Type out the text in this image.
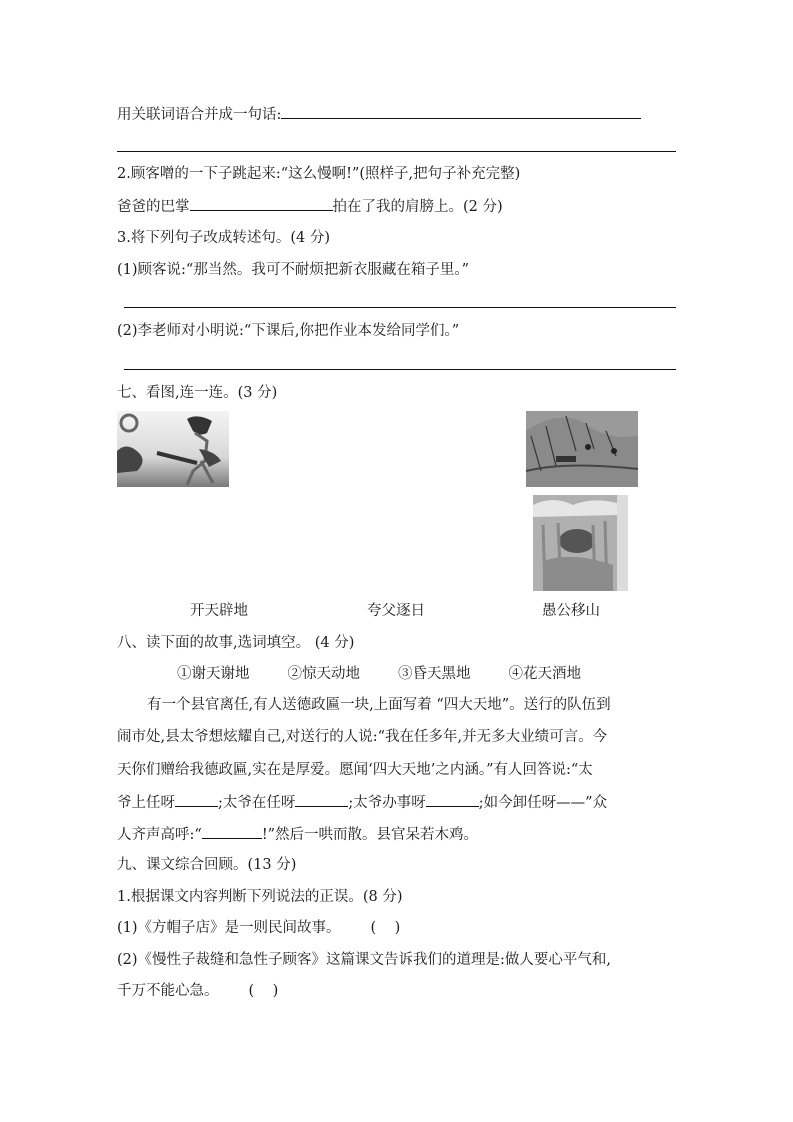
用关联词语合并成一句话:
2.顾客噌的一下子跳起来:“这么慢啊!”(照样子,把句子补充完整)
爸爸的巴掌	拍在了我的肩膀上。(2 分)
3.将下列句子改成转述句。(4 分)
(1)顾客说:“那当然。我可不耐烦把新衣服藏在箱子里。”
(2)李老师对小明说:“下课后,你把作业本发给同学们。”
七、看图,连一连。(3 分)
开天辟地	夸父逐日	愚公移山
八、读下面的故事,选词填空。 (4 分)
①谢天谢地	②惊天动地	③昏天黑地	④花天酒地
有一个县官离任,有人送德政匾一块,上面写着 “四大天地”。送行的队伍到
闹市处,县太爷想炫耀自己,对送行的人说:“我在任多年,并无多大业绩可言。今
天你们赠给我德政匾,实在是厚爱。愿闻‘四大天地’之内涵。”有人回答说:“太
爷上任呀	;太爷在任呀	;太爷办事呀	;如今卸任呀——”众
人齐声高呼:“	!”然后一哄而散。县官呆若木鸡。
九、课文综合回顾。(13 分)
1.根据课文内容判断下列说法的正误。(8 分)
(1)《方帽子店》是一则民间故事。 (    )
(2)《慢性子裁缝和急性子顾客》这篇课文告诉我们的道理是:做人要心平气和,
千万不能心急。 (    )
